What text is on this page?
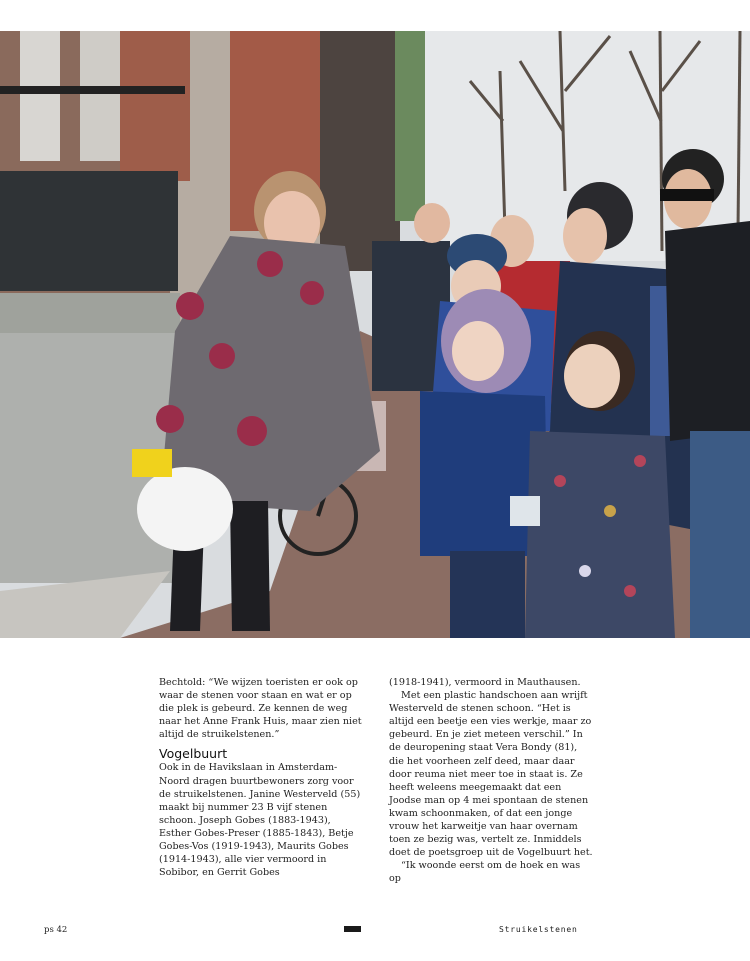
Bechtold: “We wijzen toeristen er ook op waar de stenen voor staan en wat er op die plek is gebeurd. Ze kennen de weg naar het Anne Frank Huis, maar zien niet altijd de struikelstenen.”

Vogelbuurt

Ook in de Havikslaan in Amsterdam-Noord dragen buurtbewoners zorg voor de struikelstenen. Janine Westerveld (55) maakt bij nummer 23 B vijf stenen schoon. Joseph Gobes (1883-1943), Esther Gobes-Preser (1885-1843), Betje Gobes-Vos (1919-1943), Maurits Gobes (1914-1943), alle vier vermoord in Sobibor, en Gerrit Gobes

(1918-1941), vermoord in Mauthausen.

Met een plastic handschoen aan wrijft Westerveld de stenen schoon. “Het is altijd een beetje een vies werkje, maar zo gebeurd. En je ziet meteen verschil.” In de deuropening staat Vera Bondy (81), die het voorheen zelf deed, maar daar door reuma niet meer toe in staat is. Ze heeft weleens meegemaakt dat een Joodse man op 4 mei spontaan de stenen kwam schoonmaken, of dat een jonge vrouw het karweitje van haar overnam toen ze bezig was, vertelt ze. Inmiddels doet de poetsgroep uit de Vogelbuurt het.

“Ik woonde eerst om de hoek en was op

ps 42	Struikelstenen
